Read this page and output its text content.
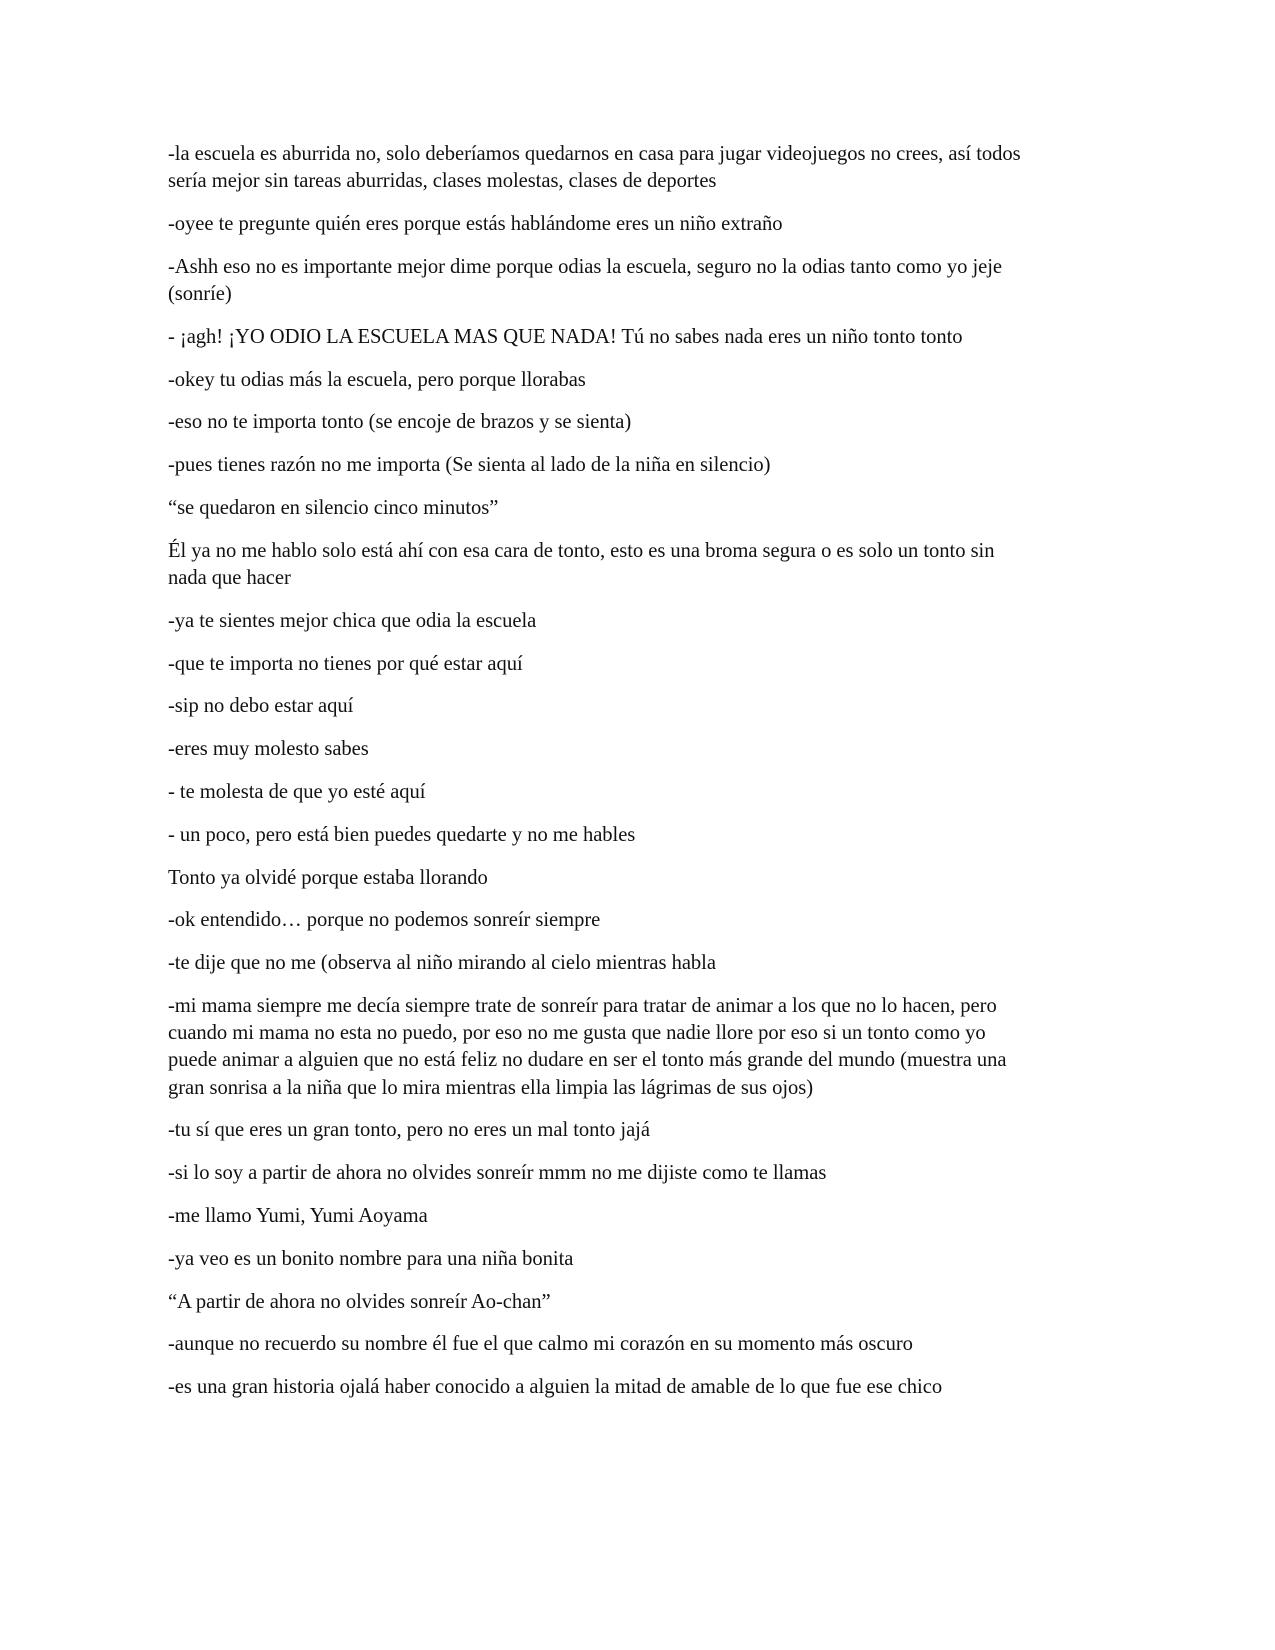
-la escuela es aburrida no, solo deberíamos quedarnos en casa para jugar videojuegos no crees, así todos sería mejor sin tareas aburridas, clases molestas, clases de deportes

-oyee te pregunte quién eres porque estás hablándome eres un niño extraño

-Ashh eso no es importante mejor dime porque odias la escuela, seguro no la odias tanto como yo jeje (sonríe)

- ¡agh! ¡YO ODIO LA ESCUELA MAS QUE NADA! Tú no sabes nada eres un niño tonto tonto

-okey tu odias más la escuela, pero porque llorabas

-eso no te importa tonto (se encoje de brazos y se sienta)

-pues tienes razón no me importa (Se sienta al lado de la niña en silencio)

“se quedaron en silencio cinco minutos”

Él ya no me hablo solo está ahí con esa cara de tonto, esto es una broma segura o es solo un tonto sin nada que hacer

-ya te sientes mejor chica que odia la escuela

-que te importa no tienes por qué estar aquí

-sip no debo estar aquí

-eres muy molesto sabes

- te molesta de que yo esté aquí

- un poco, pero está bien puedes quedarte y no me hables

Tonto ya olvidé porque estaba llorando

-ok entendido… porque no podemos sonreír siempre

-te dije que no me (observa al niño mirando al cielo mientras habla

-mi mama siempre me decía siempre trate de sonreír para tratar de animar a los que no lo hacen, pero cuando mi mama no esta no puedo, por eso no me gusta que nadie llore por eso si un tonto como yo puede animar a alguien que no está feliz no dudare en ser el tonto más grande del mundo (muestra una gran sonrisa a la niña que lo mira mientras ella limpia las lágrimas de sus ojos)

-tu sí que eres un gran tonto, pero no eres un mal tonto jajá

-si lo soy a partir de ahora no olvides sonreír mmm no me dijiste como te llamas

-me llamo Yumi, Yumi Aoyama

-ya veo es un bonito nombre para una niña bonita

“A partir de ahora no olvides sonreír Ao-chan”

-aunque no recuerdo su nombre él fue el que calmo mi corazón en su momento más oscuro

-es una gran historia ojalá haber conocido a alguien la mitad de amable de lo que fue ese chico
